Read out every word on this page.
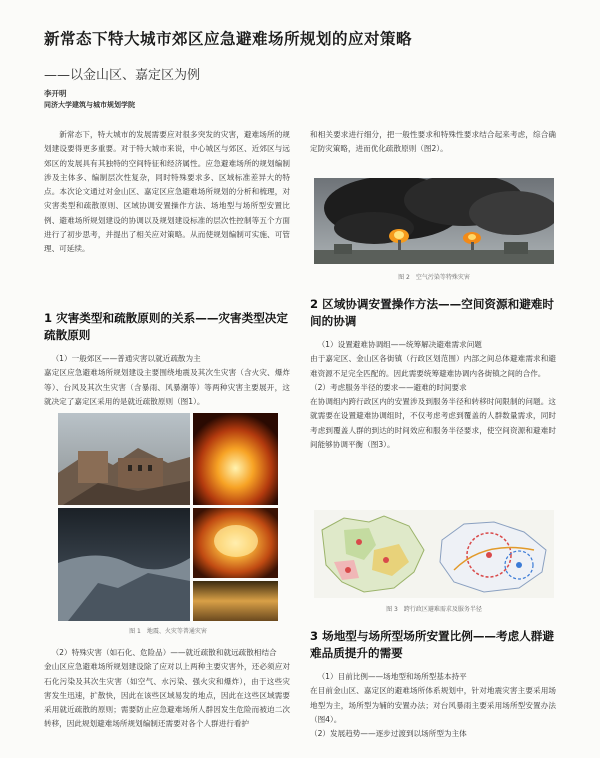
新常态下特大城市郊区应急避难场所规划的应对策略
——以金山区、嘉定区为例
李开明
同济大学建筑与城市规划学院
新常态下，特大城市的发展需要应对很多突发的灾害，避难场所的规划建设要得更多重要。对于特大城市来说，中心城区与郊区、近郊区与远郊区的发展具有其独特的空间特征和经济属性。应急避难场所的规划编制涉及主体多、编制层次性复杂，同时特殊要求多、区域标准差异大的特点。本次论文通过对金山区、嘉定区应急避难场所规划的分析和梳理，对灾害类型和疏散原则、区域协调安置操作方法、场地型与场所型安置比例、避难场所规划建设的协调以及规划建设标准的层次性控制等五个方面进行了初步思考，并提出了相关应对策略。从而使规划编制可实施、可管理、可延续。
1 灾害类型和疏散原则的关系——灾害类型决定疏散原则
（1）一般郊区——普通灾害以就近疏散为主
嘉定区应急避难场所规划建设主要围绕地震及其次生灾害（含火灾、爆炸等）、台风及其次生灾害（含暴雨、风暴潮等）等两种灾害主要展开，这就决定了嘉定区采用的是就近疏散原则（图1）。
图 1　地震、火灾等普通灾害
（2）特殊灾害（如石化、危险品）——就近疏散和就远疏散相结合
金山区应急避难场所规划建设除了应对以上两种主要灾害外，还必须应对石化污染及其次生灾害（如空气、水污染、强火灾和爆炸），由于这些灾害发生迅速，扩散快，因此在该些区域易发的地点，因此在这些区域需要采用就近疏散的原则；需要防止应急避难场所人群因发生危险而被迫二次转移，因此规划避难场所规划编制还需要对各个人群进行看护
和相关要求进行细分，把一般性要求和特殊性要求结合起来考虑，综合确定防灾策略，进而优化疏散原则（图2）。
图 2　空气污染等特殊灾害
2 区域协调安置操作方法——空间资源和避难时间的协调
（1）设置避难协调组——统筹解决避难需求问题
由于嘉定区、金山区各街镇（行政区划范围）内部之间总体避难需求和避难资源不足完全匹配的。因此需要统筹避难协调内各街镇之间的合作。
（2）考虑服务半径的要求——避难的时间要求
在协调组内跨行政区内的安置涉及到服务半径和转移时间限制的问题。这就需要在设置避难协调组时，不仅考虑考虑到覆盖的人群数量需求，同时考虑到覆盖人群的到达的时间效应和服务半径要求，使空间资源和避难时间能够协调平衡（图3）。
图 3　跨行政区避难需求及服务半径
3 场地型与场所型场所安置比例——考虑人群避难品质提升的需要
（1）目前比例——场地型和场所型基本持平
在目前金山区、嘉定区的避难场所体系规划中，针对地震灾害主要采用场地型为主，场所型为辅的安置办法；对台风暴雨主要采用场所型安置办法（图4）。
（2）发展趋势——逐步过渡到以场所型为主体
